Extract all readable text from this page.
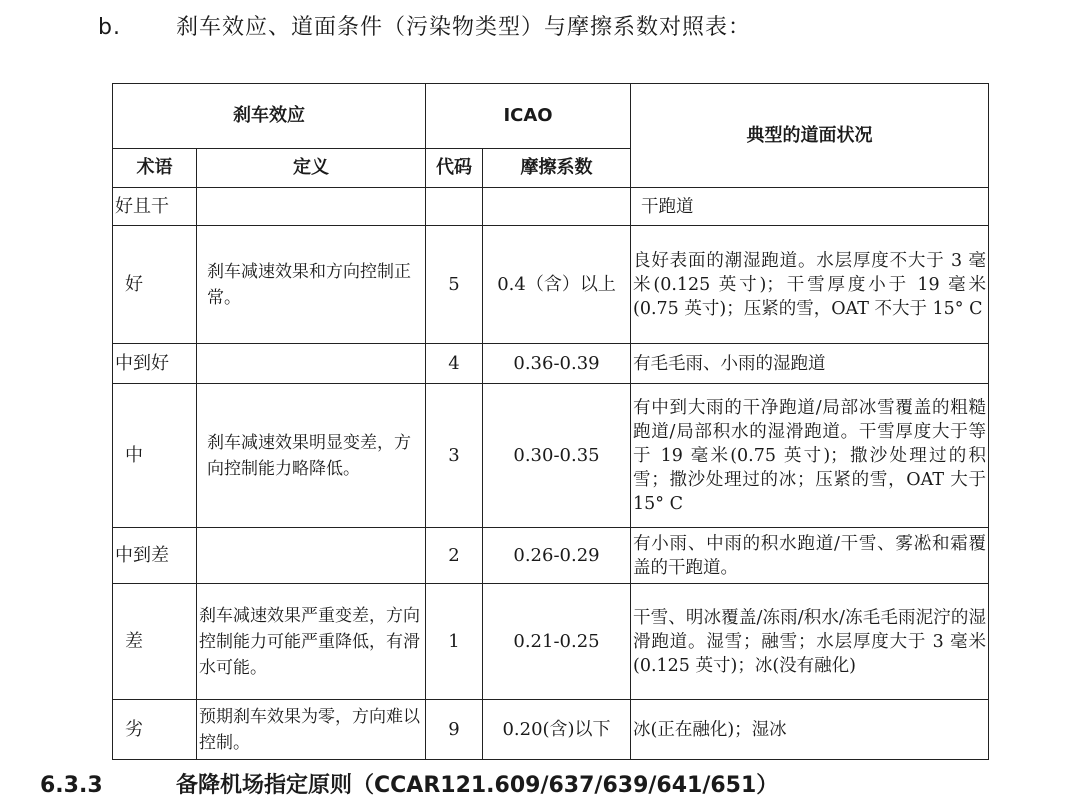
b.	刹车效应、道面条件（污染物类型）与摩擦系数对照表：
刹车效应		ICAO		典型的道面状况
术语	定义	代码	摩擦系数	
好且干				干跑道
好	刹车减速效果和方向控制正常。	5	0.4（含）以上	良好表面的潮湿跑道。水层厚度不大于 3 毫米(0.125 英寸)；干雪厚度小于 19 毫米(0.75 英寸)；压紧的雪，OAT 不大于 15° C
中到好		4	0.36-0.39	有毛毛雨、小雨的湿跑道
中	刹车减速效果明显变差，方向控制能力略降低。	3	0.30-0.35	有中到大雨的干净跑道/局部冰雪覆盖的粗糙跑道/局部积水的湿滑跑道。干雪厚度大于等于 19 毫米(0.75 英寸)；撒沙处理过的积雪；撒沙处理过的冰；压紧的雪，OAT 大于 15° C
中到差		2	0.26-0.29	有小雨、中雨的积水跑道/干雪、雾凇和霜覆盖的干跑道。
差	刹车减速效果严重变差，方向控制能力可能严重降低，有滑水可能。	1	0.21-0.25	干雪、明冰覆盖/冻雨/积水/冻毛毛雨泥泞的湿滑跑道。湿雪；融雪；水层厚度大于 3 毫米(0.125 英寸)；冰(没有融化)
劣	预期刹车效果为零，方向难以控制。	9	0.20(含)以下	冰(正在融化)；湿冰
6.3.3	备降机场指定原则（CCAR121.609/637/639/641/651）
